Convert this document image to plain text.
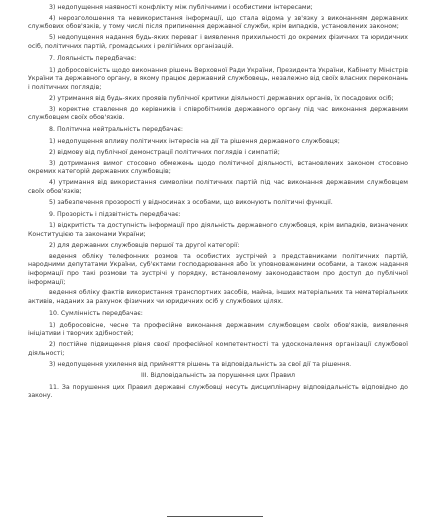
3) недопущення наявності конфлікту між публічними і особистими інтересами;

4) нерозголошення та невикористання інформації, що стала відома у зв'язку з виконанням державних службових обов'язків, у тому числі після припинення державної служби, крім випадків, установлених законом;

5) недопущення надання будь-яких переваг і виявлення прихильності до окремих фізичних та юридичних осіб, політичних партій, громадських і релігійних організацій.

7. Лояльність передбачає:

1) добросовісність щодо виконання рішень Верховної Ради України, Президента України, Кабінету Міністрів України та державного органу, в якому працює державний службовець, незалежно від своїх власних переконань і політичних поглядів;

2) утримання від будь-яких проявів публічної критики діяльності державних органів, їх посадових осіб;

3) коректне ставлення до керівників і співробітників державного органу під час виконання державним службовцем своїх обов'язків.

8. Політична нейтральність передбачає:

1) недопущення впливу політичних інтересів на дії та рішення державного службовця;

2) відмову від публічної демонстрації політичних поглядів і симпатій;

3) дотримання вимог стосовно обмежень щодо політичної діяльності, встановлених законом стосовно окремих категорій державних службовців;

4) утримання від використання символіки політичних партій під час виконання державним службовцем своїх обов'язків;

5) забезпечення прозорості у відносинах з особами, що виконують політичні функції.

9. Прозорість і підзвітність передбачає:

1) відкритість та доступність інформації про діяльність державного службовця, крім випадків, визначених Конституцією та законами України;

2) для державних службовців першої та другої категорії:

ведення обліку телефонних розмов та особистих зустрічей з представниками політичних партій, народними депутатами України, суб'єктами господарювання або їх уповноваженими особами, а також надання інформації про такі розмови та зустрічі у порядку, встановленому законодавством про доступ до публічної інформації;

ведення обліку фактів використання транспортних засобів, майна, інших матеріальних та нематеріальних активів, наданих за рахунок фізичних чи юридичних осіб у службових цілях.

10. Сумлінність передбачає:

1) добросовісне, чесне та професійне виконання державним службовцем своїх обов'язків, виявлення ініціативи і творчих здібностей;

2) постійне підвищення рівня своєї професійної компетентності та удосконалення організації службової діяльності;

3) недопущення ухилення від прийняття рішень та відповідальність за свої дії та рішення.

III. Відповідальність за порушення цих Правил

11. За порушення цих Правил державні службовці несуть дисциплінарну відповідальність відповідно до закону.
